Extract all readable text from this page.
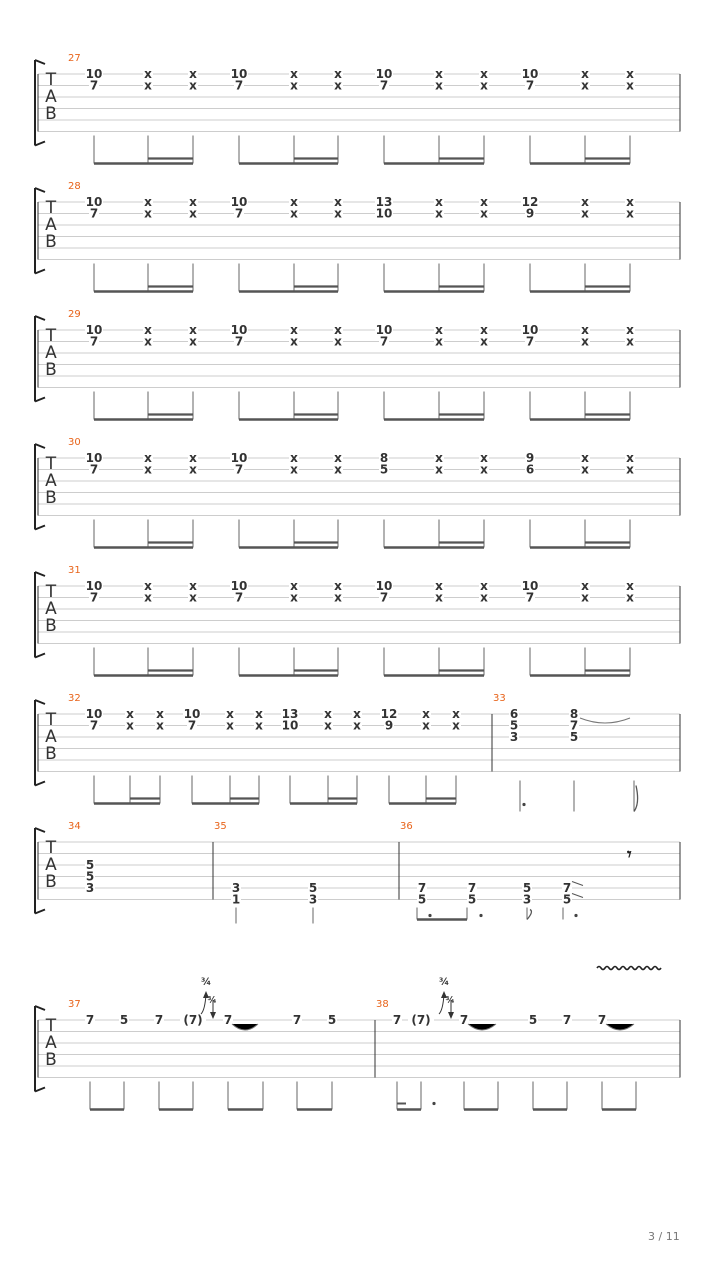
T
A
B
27
10
7
x
x
x
x
10
7
x
x
x
x
10
7
x
x
x
x
10
7
x
x
x
x
T
A
B
28
10
7
x
x
x
x
10
7
x
x
x
x
13
10
x
x
x
x
12
9
x
x
x
x
T
A
B
29
10
7
x
x
x
x
10
7
x
x
x
x
10
7
x
x
x
x
10
7
x
x
x
x
T
A
B
30
10
7
x
x
x
x
10
7
x
x
x
x
8
5
x
x
x
x
9
6
x
x
x
x
T
A
B
31
10
7
x
x
x
x
10
7
x
x
x
x
10
7
x
x
x
x
10
7
x
x
x
x
T
A
B
32
10
7
x
x
x
x
10
7
x
x
x
x
13
10
x
x
x
x
12
9
x
x
x
x
33
6
5
3
8
7
5
𝄾
T
A
B
34
5
5
3
35
3
1
5
3
36
7
5
7
5
5
3
7
5
T
A
B
37
7 5 7 (7) 7	7 5
38
7 (7) 7	5 7 7
¾
¾
¾
¾
3 / 11
